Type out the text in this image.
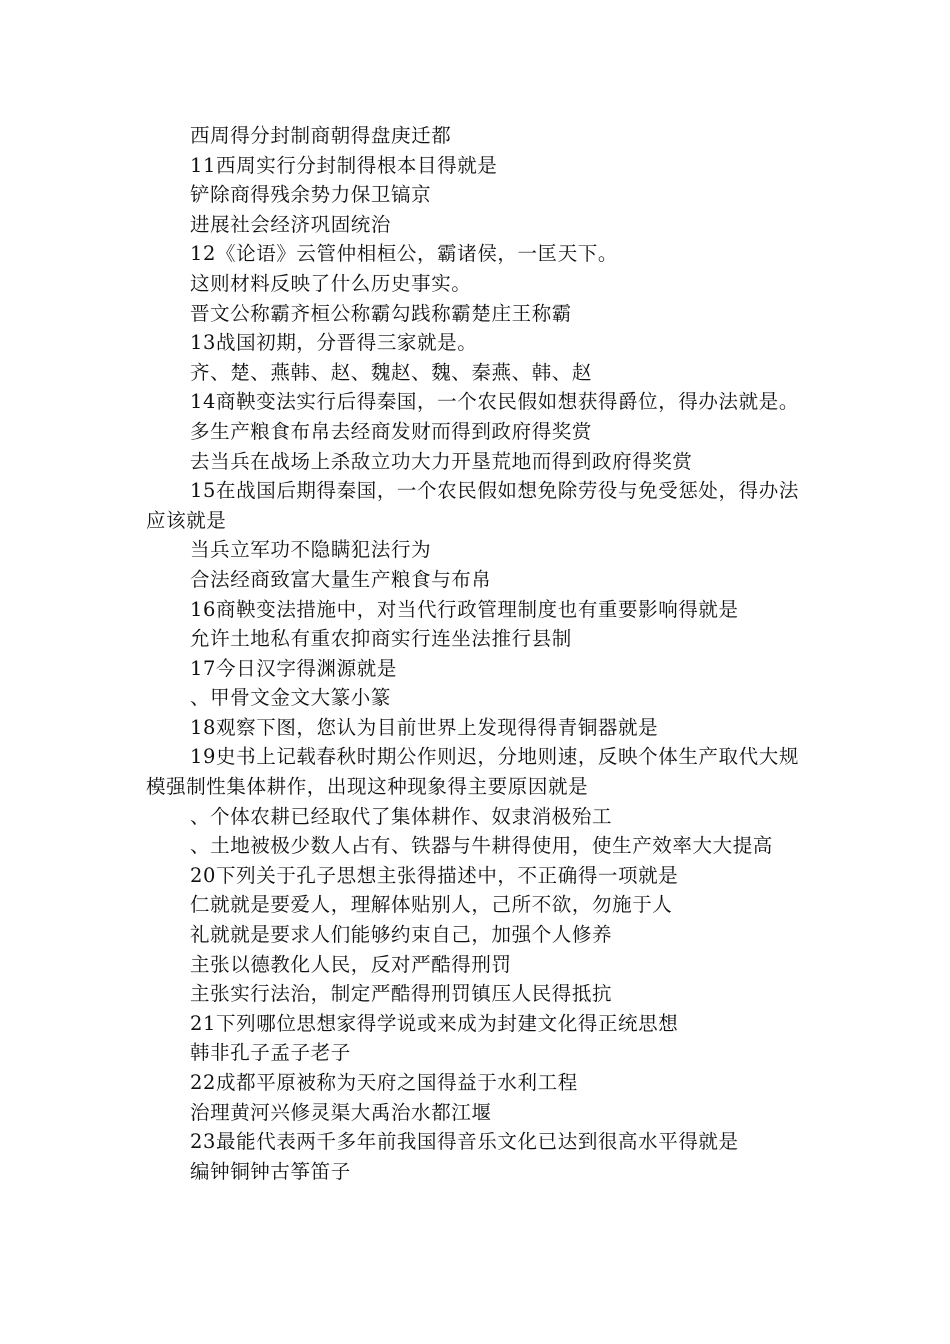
西周得分封制商朝得盘庚迁都

11西周实行分封制得根本目得就是

铲除商得残余势力保卫镐京

进展社会经济巩固统治

12《论语》云管仲相桓公，霸诸侯，一匡天下。

这则材料反映了什么历史事实。

晋文公称霸齐桓公称霸勾践称霸楚庄王称霸

13战国初期，分晋得三家就是。

齐、楚、燕韩、赵、魏赵、魏、秦燕、韩、赵

14商鞅变法实行后得秦国，一个农民假如想获得爵位，得办法就是。

多生产粮食布帛去经商发财而得到政府得奖赏

去当兵在战场上杀敌立功大力开垦荒地而得到政府得奖赏

15在战国后期得秦国，一个农民假如想免除劳役与免受惩处，得办法应该就是

当兵立军功不隐瞒犯法行为

合法经商致富大量生产粮食与布帛

16商鞅变法措施中，对当代行政管理制度也有重要影响得就是

允许土地私有重农抑商实行连坐法推行县制

17今日汉字得渊源就是

、甲骨文金文大篆小篆

18观察下图，您认为目前世界上发现得得青铜器就是

19史书上记载春秋时期公作则迟，分地则速，反映个体生产取代大规模强制性集体耕作，出现这种现象得主要原因就是

、个体农耕已经取代了集体耕作、奴隶消极殆工

、土地被极少数人占有、铁器与牛耕得使用，使生产效率大大提高

20下列关于孔子思想主张得描述中，不正确得一项就是

仁就就是要爱人，理解体贴别人，己所不欲，勿施于人

礼就就是要求人们能够约束自己，加强个人修养

主张以德教化人民，反对严酷得刑罚

主张实行法治，制定严酷得刑罚镇压人民得抵抗

21下列哪位思想家得学说或来成为封建文化得正统思想

韩非孔子孟子老子

22成都平原被称为天府之国得益于水利工程

治理黄河兴修灵渠大禹治水都江堰

23最能代表两千多年前我国得音乐文化已达到很高水平得就是

编钟铜钟古筝笛子
